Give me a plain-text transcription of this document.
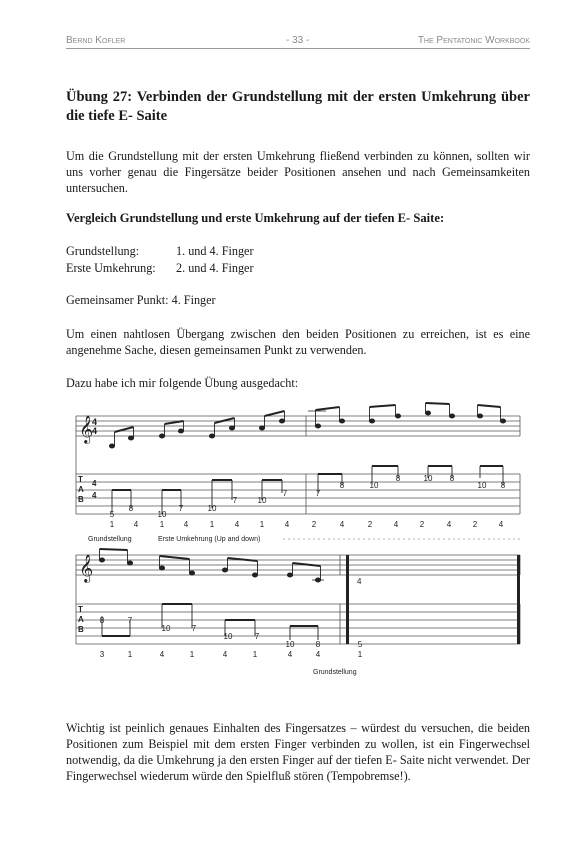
Bernd Kofler	- 33 -	The Pentatonic Workbook
Übung 27: Verbinden der Grundstellung mit der ersten Umkehrung über die tiefe E- Saite
Um die Grundstellung mit der ersten Umkehrung fließend verbinden zu können, sollten wir uns vorher genau die Fingersätze beider Positionen ansehen und nach Gemeinsamkeiten untersuchen.
Vergleich Grundstellung und erste Umkehrung auf der tiefen E- Saite:
Grundstellung:	1. und 4. Finger
Erste Umkehrung: 2. und 4. Finger
Gemeinsamer Punkt: 4. Finger
Um einen nahtlosen Übergang zwischen den beiden Positionen zu erreichen, ist es eine angenehme Sache, diesen gemeinsamen Punkt zu verwenden.
Dazu habe ich mir folgende Übung ausgedacht:
𝄞
𝄞
4
4
T
A
B
4
4
T
A
B
5
8
10
7	10
7	10
7	7
8	10
8	10 8
10 8
1 4	1 4	1	4	1	4	2	4	2	4	2	4	2	4
Grundstellung	Erste Umkehrung (Up and down)
4
8	7
10	7
10	7
10	8	5
3	1	4	1	4	1	4	4	1
Grundstellung
Wichtig ist peinlich genaues Einhalten des Fingersatzes – würdest du versuchen, die beiden Positionen zum Beispiel mit dem ersten Finger verbinden zu wollen, ist ein Fingerwechsel notwendig, da die Umkehrung ja den ersten Finger auf der tiefen E- Saite nicht verwendet. Der Fingerwechsel wiederum würde den Spielfluß stören (Tempobremse!).
